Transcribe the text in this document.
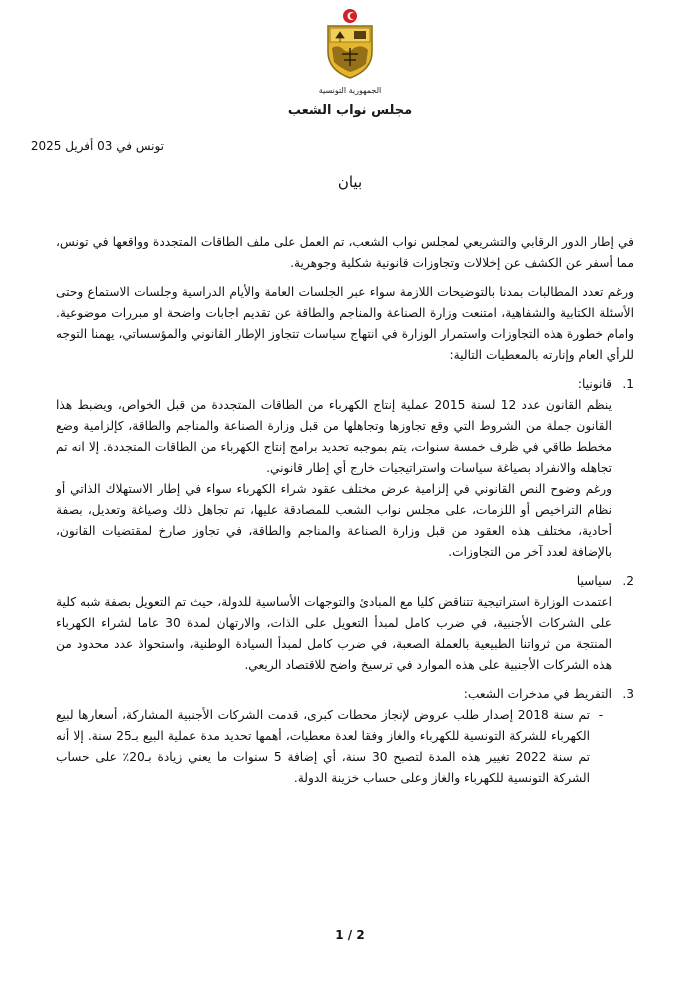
الجمهورية التونسية
مجلس نواب الشعب
تونس في 03 أفريل 2025
بيان

في إطار الدور الرقابي والتشريعي لمجلس نواب الشعب، تم العمل على ملف الطاقات المتجددة وواقعها في تونس، مما أسفر عن الكشف عن إخلالات وتجاوزات قانونية شكلية وجوهرية.

ورغم تعدد المطالبات بمدنا بالتوضيحات اللازمة سواء عبر الجلسات العامة والأيام الدراسية وجلسات الاستماع وحتى الأسئلة الكتابية والشفاهية، امتنعت وزارة الصناعة والمناجم والطاقة عن تقديم اجابات واضحة او مبررات موضوعية. وامام خطورة هذه التجاوزات واستمرار الوزارة في انتهاج سياسات تتجاوز الإطار القانوني والمؤسساتي، يهمنا التوجه للرأي العام وإنارته بالمعطيات التالية:

1.
قانونيا:

ينظم القانون عدد 12 لسنة 2015 عملية إنتاج الكهرباء من الطاقات المتجددة من قبل الخواص، ويضبط هذا القانون جملة من الشروط التي وقع تجاوزها وتجاهلها من قبل وزارة الصناعة والمناجم والطاقة، كإلزامية وضع مخطط طاقي في ظرف خمسة سنوات، يتم بموجبه تحديد برامج إنتاج الكهرباء من الطاقات المتجددة. إلا انه تم تجاهله والانفراد بصياغة سياسات واستراتيجيات خارج أي إطار قانوني.

ورغم وضوح النص القانوني في إلزامية عرض مختلف عقود شراء الكهرباء سواء في إطار الاستهلاك الذاتي أو نظام التراخيص أو اللزمات، على مجلس نواب الشعب للمصادقة عليها، تم تجاهل ذلك وصياغة وتعديل، بصفة أحادية، مختلف هذه العقود من قبل وزارة الصناعة والمناجم والطاقة، في تجاوز صارخ لمقتضيات القانون، بالإضافة لعدد آخر من التجاوزات.

2.
سياسيا

اعتمدت الوزارة استراتيجية تتناقض كليا مع المبادئ والتوجهات الأساسية للدولة، حيث تم التعويل بصفة شبه كلية على الشركات الأجنبية، في ضرب كامل لمبدأ التعويل على الذات، والارتهان لمدة 30 عاما لشراء الكهرباء المنتجة من ثرواتنا الطبيعية بالعملة الصعبة، في ضرب كامل لمبدأ السيادة الوطنية، واستحواذ عدد محدود من هذه الشركات الأجنبية على هذه الموارد في ترسيخ واضح للاقتصاد الريعي.

3.
التفريط في مدخرات الشعب:
-
تم سنة 2018 إصدار طلب عروض لإنجاز محطات كبرى، قدمت الشركات الأجنبية المشاركة، أسعارها لبيع الكهرباء للشركة التونسية للكهرباء والغاز وفقا لعدة معطيات، أهمها تحديد مدة عملية البيع بـ25 سنة. إلا أنه تم سنة 2022 تغيير هذه المدة لتصبح 30 سنة، أي إضافة 5 سنوات ما يعني زيادة بـ20٪ على حساب الشركة التونسية للكهرباء والغاز وعلى حساب خزينة الدولة.
1 / 2
